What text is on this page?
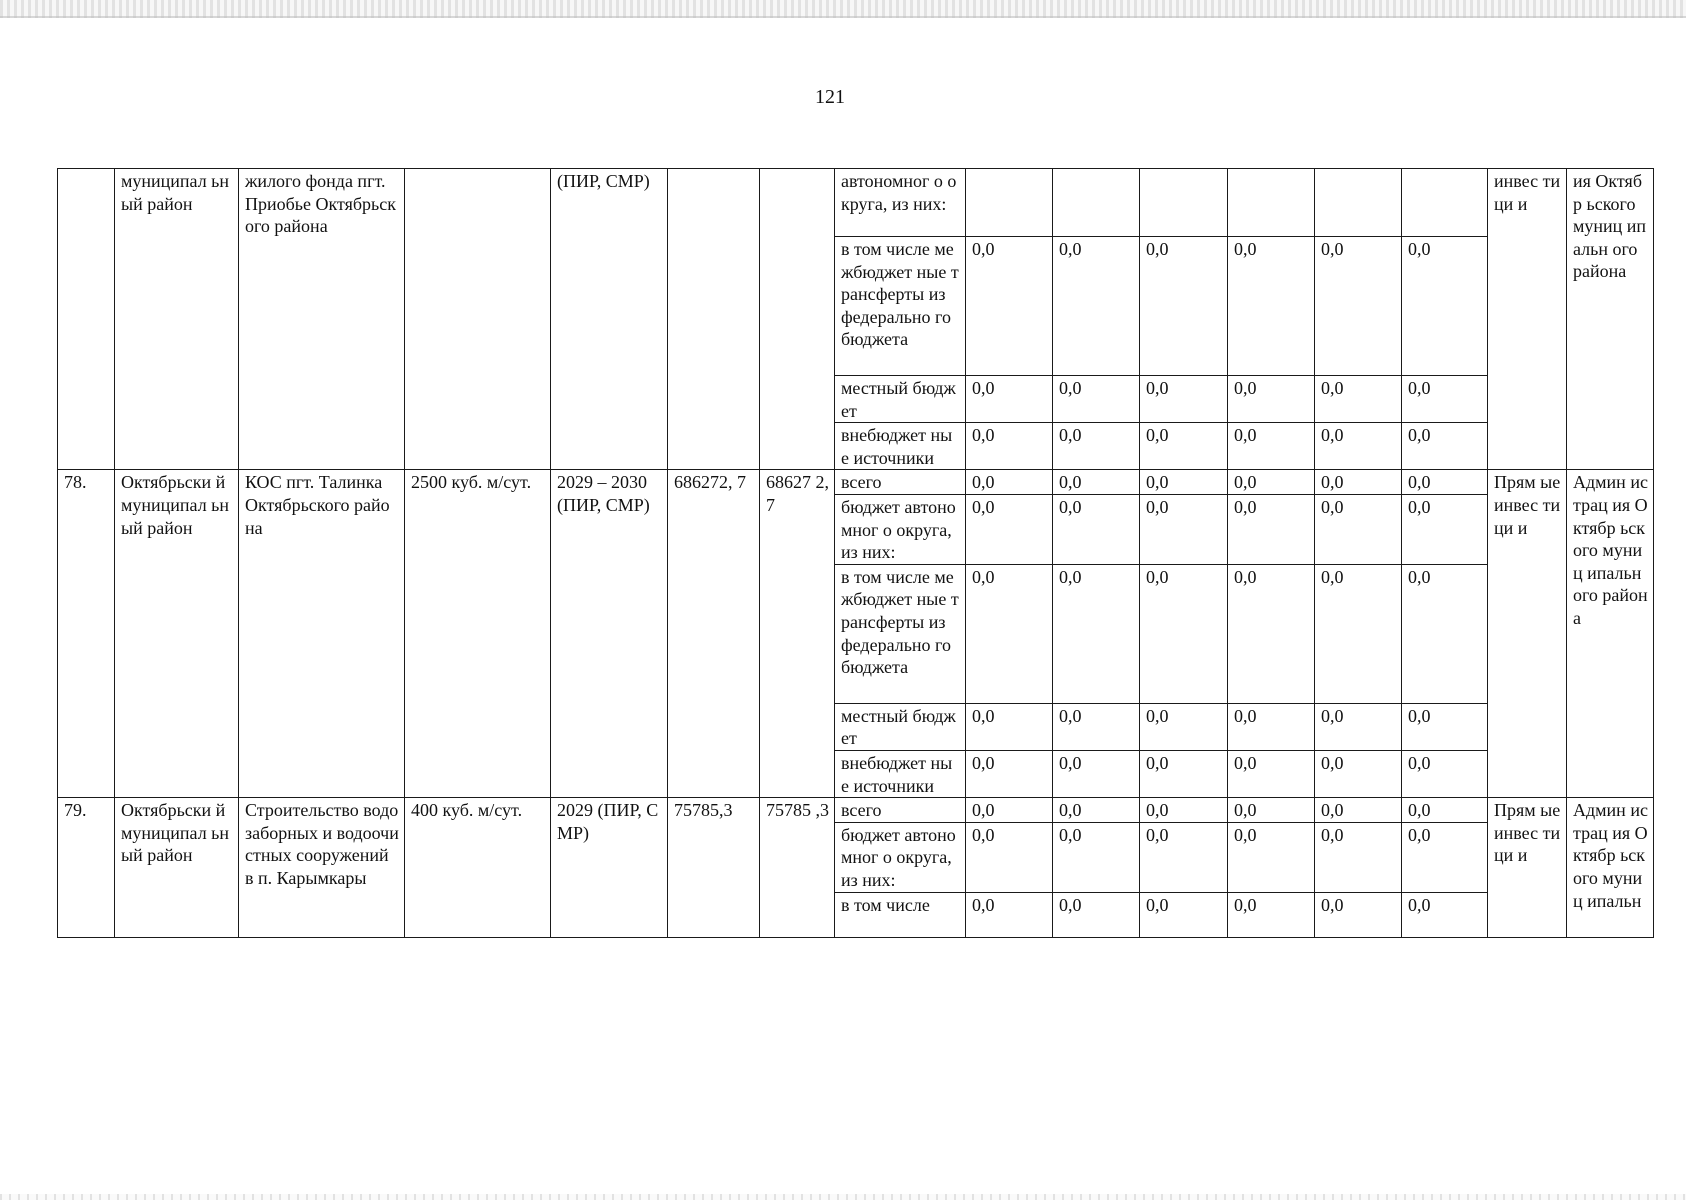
121
	муниципал ьный район	жилого фонда пгт. Приобье Октябрьского района		(ПИР, СМР)			автономног о округа, из них:							инвес тици и	ия Октябр ьского муниц ипальн ого района
							в том числе межбюджет ные трансферты из федерально го бюджета	0,0	0,0	0,0	0,0	0,0	0,0		
							местный бюджет	0,0	0,0	0,0	0,0	0,0	0,0		
							внебюджет ные источники	0,0	0,0	0,0	0,0	0,0	0,0		
78.	Октябрьски й муниципал ьный район	КОС пгт. Талинка Октябрьского района	2500 куб. м/сут.	2029 – 2030 (ПИР, СМР)	686272, 7	68627 2,7	всего	0,0	0,0	0,0	0,0	0,0	0,0	Прям ые инвес тици и	Админ истрац ия Октябр ьского муниц ипальн ого района
							бюджет автономног о округа, из них:	0,0	0,0	0,0	0,0	0,0	0,0		
							в том числе межбюджет ные трансферты из федерально го бюджета	0,0	0,0	0,0	0,0	0,0	0,0		
							местный бюджет	0,0	0,0	0,0	0,0	0,0	0,0		
							внебюджет ные источники	0,0	0,0	0,0	0,0	0,0	0,0		
79.	Октябрьски й муниципал ьный район	Строительство водозаборных и водоочистных сооружений в п. Карымкары	400 куб. м/сут.	2029 (ПИР, СМР)	75785,3	75785 ,3	всего	0,0	0,0	0,0	0,0	0,0	0,0	Прям ые инвес тици и	Админ истрац ия Октябр ьского муниц ипальн
							бюджет автономног о округа, из них:	0,0	0,0	0,0	0,0	0,0	0,0		
							в том числе	0,0	0,0	0,0	0,0	0,0	0,0		
